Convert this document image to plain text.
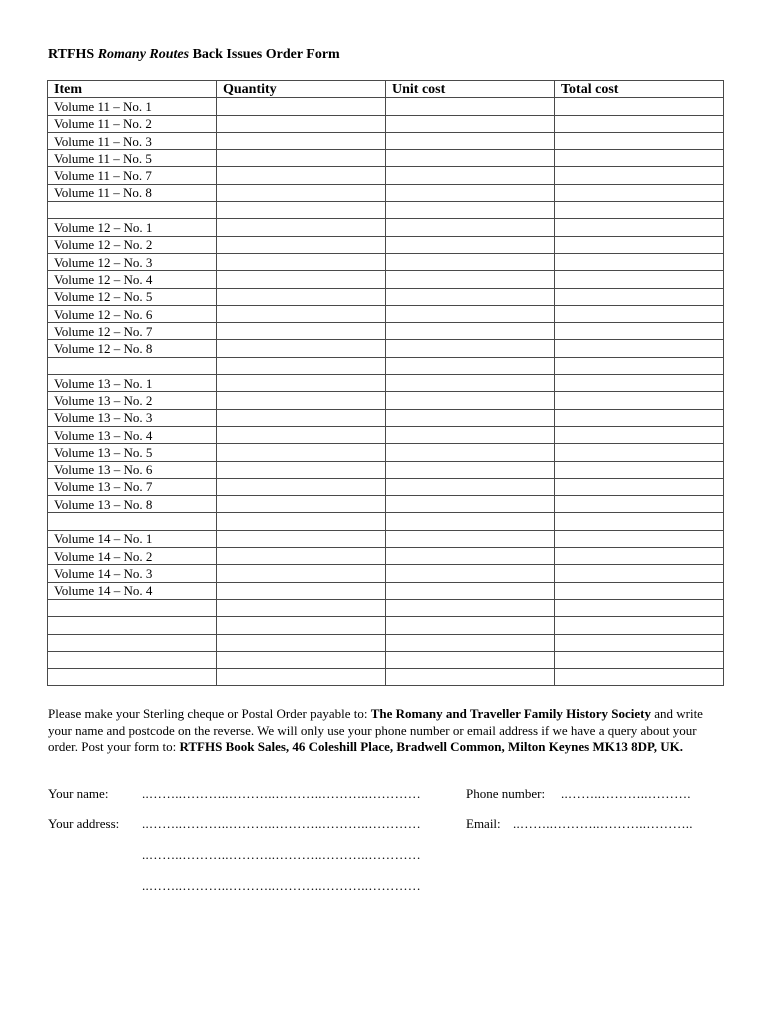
RTFHS Romany Routes Back Issues Order Form
Item	Quantity	Unit cost	Total cost
Volume 11 – No. 1			
Volume 11 – No. 2			
Volume 11 – No. 3			
Volume 11 – No. 5			
Volume 11 – No. 7			
Volume 11 – No. 8			

Volume 12 – No. 1			
Volume 12 – No. 2			
Volume 12 – No. 3			
Volume 12 – No. 4			
Volume 12 – No. 5			
Volume 12 – No. 6			
Volume 12 – No. 7			
Volume 12 – No. 8			

Volume 13 – No. 1			
Volume 13 – No. 2			
Volume 13 – No. 3			
Volume 13 – No. 4			
Volume 13 – No. 5			
Volume 13 – No. 6			
Volume 13 – No. 7			
Volume 13 – No. 8			

Volume 14 – No. 1			
Volume 14 – No. 2			
Volume 14 – No. 3			
Volume 14 – No. 4			

Please make your Sterling cheque or Postal Order payable to: The Romany and Traveller Family History Society and write your name and postcode on the reverse. We will only use your phone number or email address if we have a query about your order. Post your form to: RTFHS Book Sales, 46 Coleshill Place, Bradwell Common, Milton Keynes MK13 8DP, UK.
Your name:	..……..………..………..………..………..…………	Phone number: ..……..………..……….
Your address: ..……..………..………..………..………..…………	Email: ..……..………..………..………..
..……..………..………..………..………..…………
..……..………..………..………..………..…………
